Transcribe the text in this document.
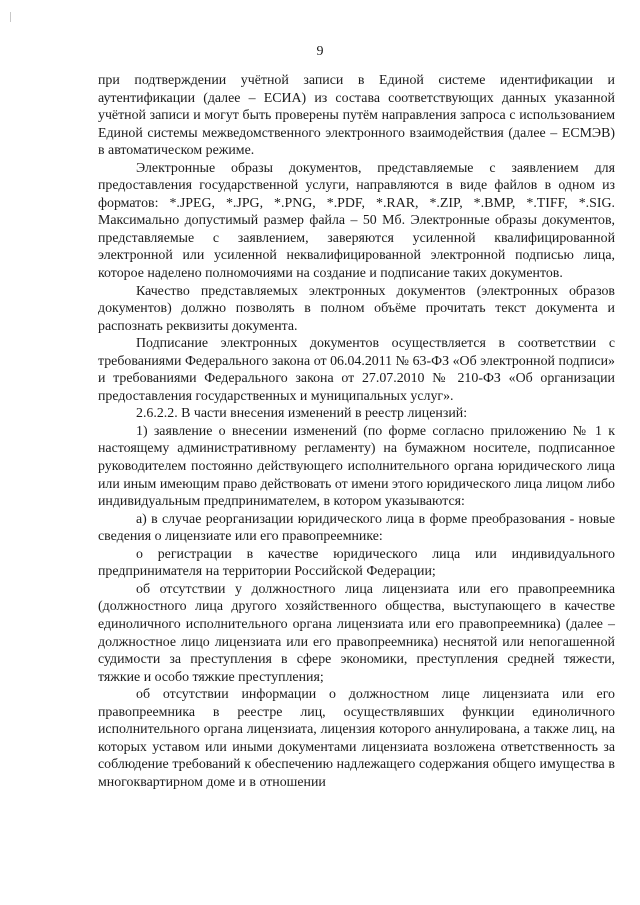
9

при подтверждении учётной записи в Единой системе идентификации и аутентификации (далее – ЕСИА) из состава соответствующих данных указанной учётной записи и могут быть проверены путём направления запроса с использованием Единой системы межведомственного электронного взаимодействия (далее – ЕСМЭВ) в автоматическом режиме.

Электронные образы документов, представляемые с заявлением для предоставления государственной услуги, направляются в виде файлов в одном из форматов: *.JPEG, *.JPG, *.PNG, *.PDF, *.RAR, *.ZIP, *.BMP, *.TIFF, *.SIG. Максимально допустимый размер файла – 50 Мб. Электронные образы документов, представляемые с заявлением, заверяются усиленной квалифицированной электронной или усиленной неквалифицированной электронной подписью лица, которое наделено полномочиями на создание и подписание таких документов.

Качество представляемых электронных документов (электронных образов документов) должно позволять в полном объёме прочитать текст документа и распознать реквизиты документа.

Подписание электронных документов осуществляется в соответствии с требованиями Федерального закона от 06.04.2011 № 63-ФЗ «Об электронной подписи» и требованиями Федерального закона от 27.07.2010 № 210-ФЗ «Об организации предоставления государственных и муниципальных услуг».

2.6.2.2. В части внесения изменений в реестр лицензий:

1) заявление о внесении изменений (по форме согласно приложению № 1 к настоящему административному регламенту) на бумажном носителе, подписанное руководителем постоянно действующего исполнительного органа юридического лица или иным имеющим право действовать от имени этого юридического лица лицом либо индивидуальным предпринимателем, в котором указываются:

а) в случае реорганизации юридического лица в форме преобразования - новые сведения о лицензиате или его правопреемнике:

о регистрации в качестве юридического лица или индивидуального предпринимателя на территории Российской Федерации;

об отсутствии у должностного лица лицензиата или его правопреемника (должностного лица другого хозяйственного общества, выступающего в качестве единоличного исполнительного органа лицензиата или его правопреемника) (далее – должностное лицо лицензиата или его правопреемника) неснятой или непогашенной судимости за преступления в сфере экономики, преступления средней тяжести, тяжкие и особо тяжкие преступления;

об отсутствии информации о должностном лице лицензиата или его правопреемника в реестре лиц, осуществлявших функции единоличного исполнительного органа лицензиата, лицензия которого аннулирована, а также лиц, на которых уставом или иными документами лицензиата возложена ответственность за соблюдение требований к обеспечению надлежащего содержания общего имущества в многоквартирном доме и в отношении
